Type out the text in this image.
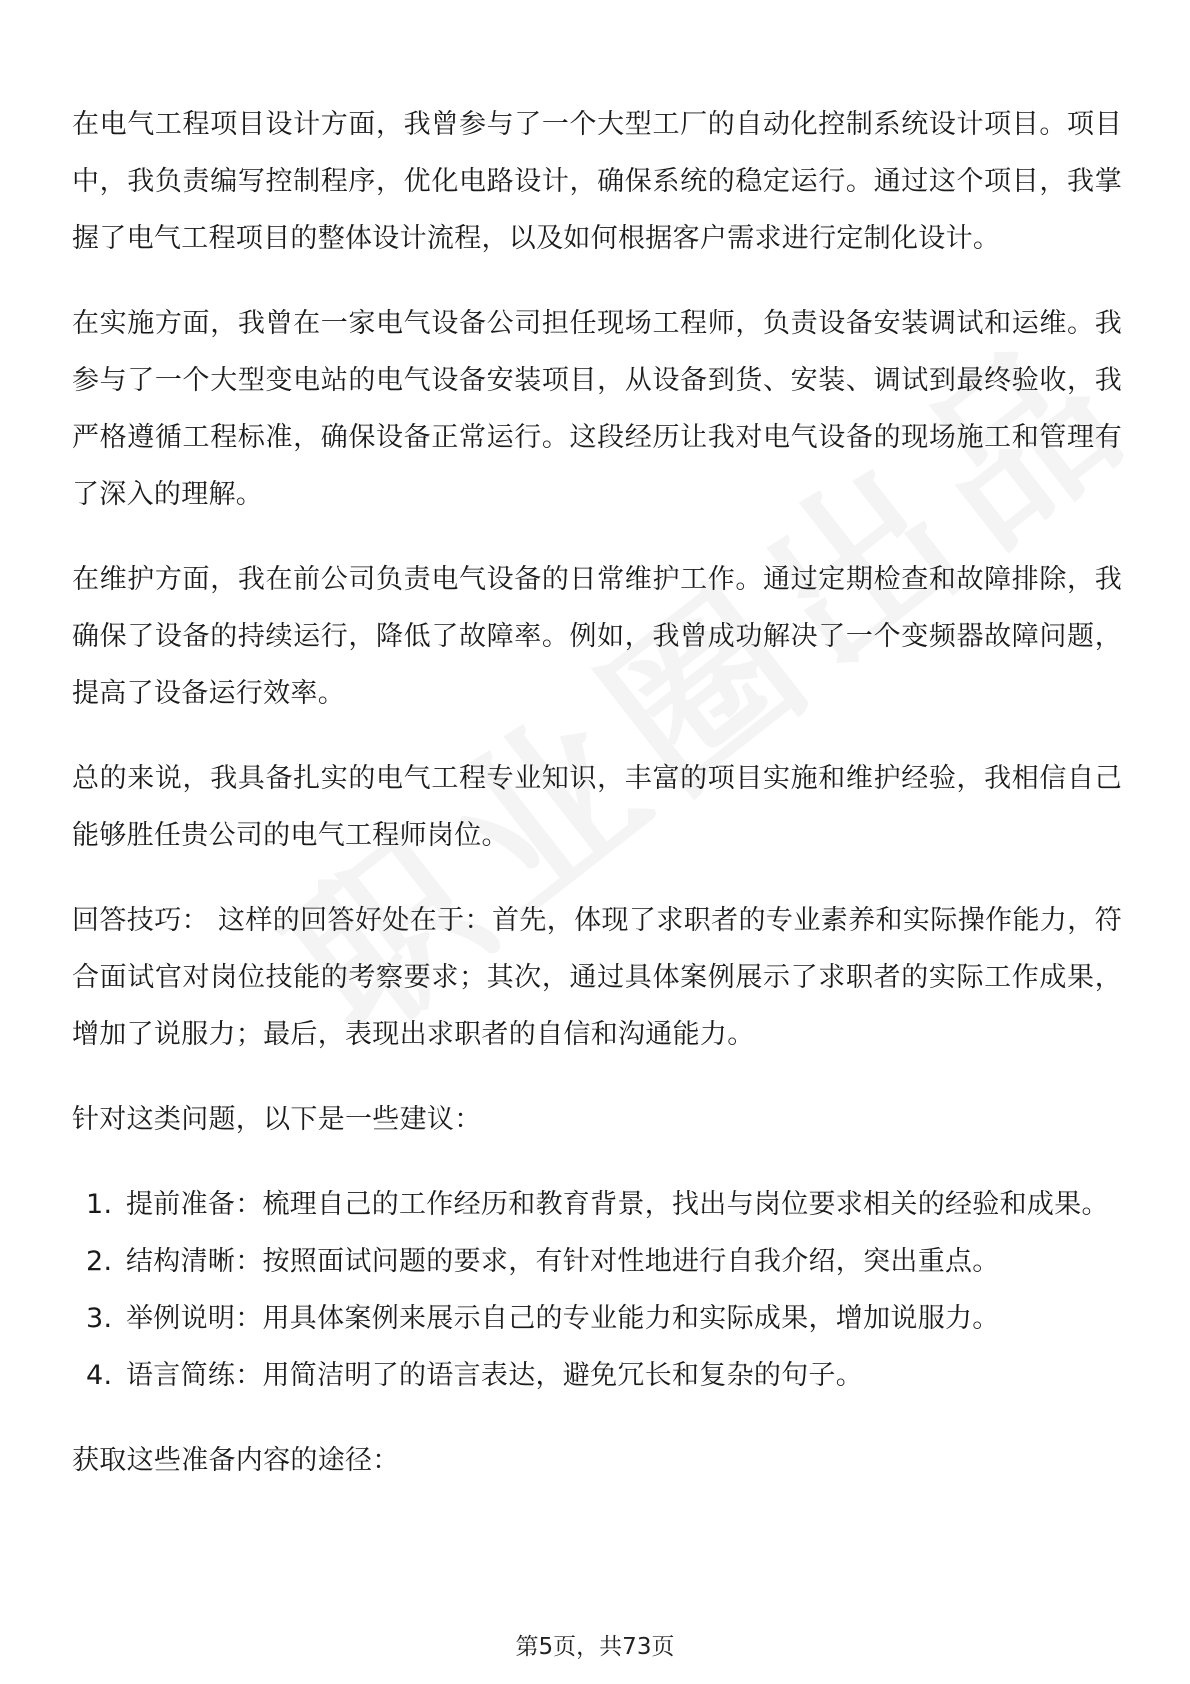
在电气工程项目设计方面，我曾参与了一个大型工厂的自动化控制系统设计项目。项目中，我负责编写控制程序，优化电路设计，确保系统的稳定运行。通过这个项目，我掌握了电气工程项目的整体设计流程，以及如何根据客户需求进行定制化设计。

在实施方面，我曾在一家电气设备公司担任现场工程师，负责设备安装调试和运维。我参与了一个大型变电站的电气设备安装项目，从设备到货、安装、调试到最终验收，我严格遵循工程标准，确保设备正常运行。这段经历让我对电气设备的现场施工和管理有了深入的理解。

在维护方面，我在前公司负责电气设备的日常维护工作。通过定期检查和故障排除，我确保了设备的持续运行，降低了故障率。例如，我曾成功解决了一个变频器故障问题，提高了设备运行效率。

总的来说，我具备扎实的电气工程专业知识，丰富的项目实施和维护经验，我相信自己能够胜任贵公司的电气工程师岗位。

回答技巧： 这样的回答好处在于：首先，体现了求职者的专业素养和实际操作能力，符合面试官对岗位技能的考察要求；其次，通过具体案例展示了求职者的实际工作成果，增加了说服力；最后，表现出求职者的自信和沟通能力。

针对这类问题，以下是一些建议：

1. 提前准备：梳理自己的工作经历和教育背景，找出与岗位要求相关的经验和成果。
2. 结构清晰：按照面试问题的要求，有针对性地进行自我介绍，突出重点。
3. 举例说明：用具体案例来展示自己的专业能力和实际成果，增加说服力。
4. 语言简练：用简洁明了的语言表达，避免冗长和复杂的句子。

获取这些准备内容的途径：

第5页，共73页
